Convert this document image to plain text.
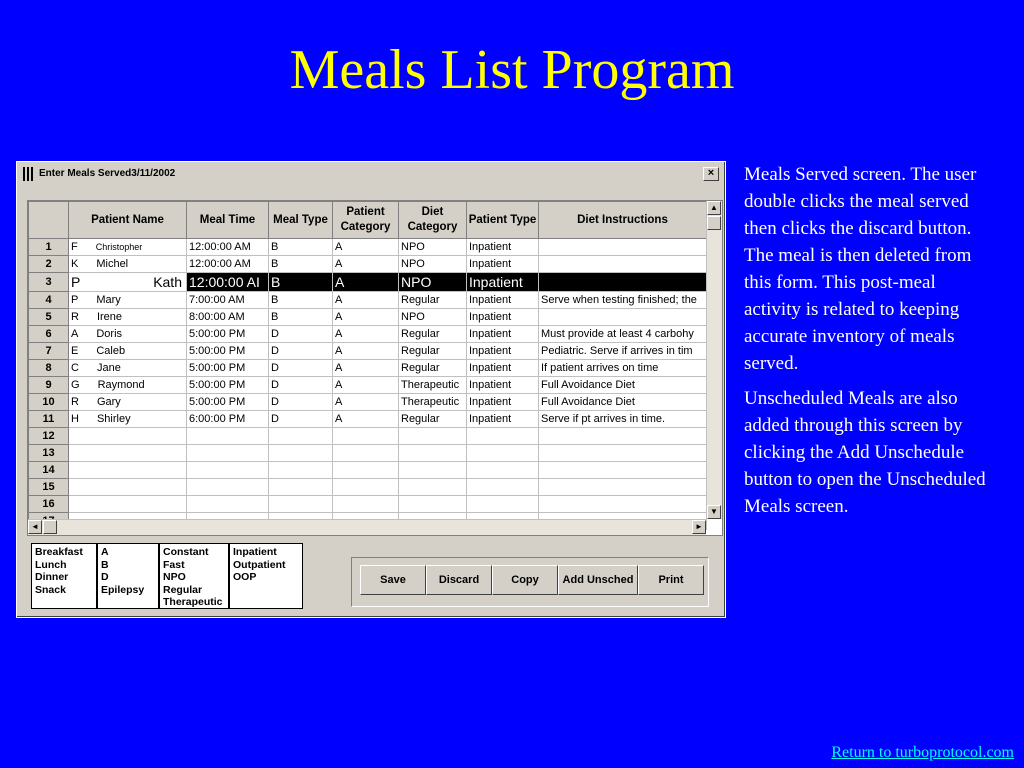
Meals List Program
Enter Meals Served3/11/2002	×
	Patient Name	Meal Time	Meal Type	Patient Category	Diet Category	Patient Type	Diet Instructions
1	F Christopher	12:00:00 AM	B	A	NPO	Inpatient	
2	K Michel	12:00:00 AM	B	A	NPO	Inpatient	
3	P Kath	12:00:00 AI	B	A	NPO	Inpatient	
4	P Mary	7:00:00 AM	B	A	Regular	Inpatient	Serve when testing finished; the
5	R Irene	8:00:00 AM	B	A	NPO	Inpatient	
6	A Doris	5:00:00 PM	D	A	Regular	Inpatient	Must provide at least 4 carbohy
7	E Caleb	5:00:00 PM	D	A	Regular	Inpatient	Pediatric. Serve if arrives in tim
8	C Jane	5:00:00 PM	D	A	Regular	Inpatient	If patient arrives on time
9	G Raymond	5:00:00 PM	D	A	Therapeutic	Inpatient	Full Avoidance Diet
10	R Gary	5:00:00 PM	D	A	Therapeutic	Inpatient	Full Avoidance Diet
11	H Shirley	6:00:00 PM	D	A	Regular	Inpatient	Serve if pt arrives in time.
12	

13	

14	

15	

16	

▲
▼
◄	►
Breakfast
Lunch
Dinner
Snack
A
B
D
Epilepsy
Constant
Fast
NPO
Regular
Therapeutic
Inpatient
Outpatient
OOP	Save	Discard	Copy	Add Unsched	Print

Meals Served screen. The user double clicks the meal served then clicks the discard button. The meal is then deleted from this form. This post-meal activity is related to keeping accurate inventory of meals served.

Unscheduled Meals are also added through this screen by clicking the Add Unschedule button to open the Unscheduled Meals screen.

Return to turboprotocol.com
